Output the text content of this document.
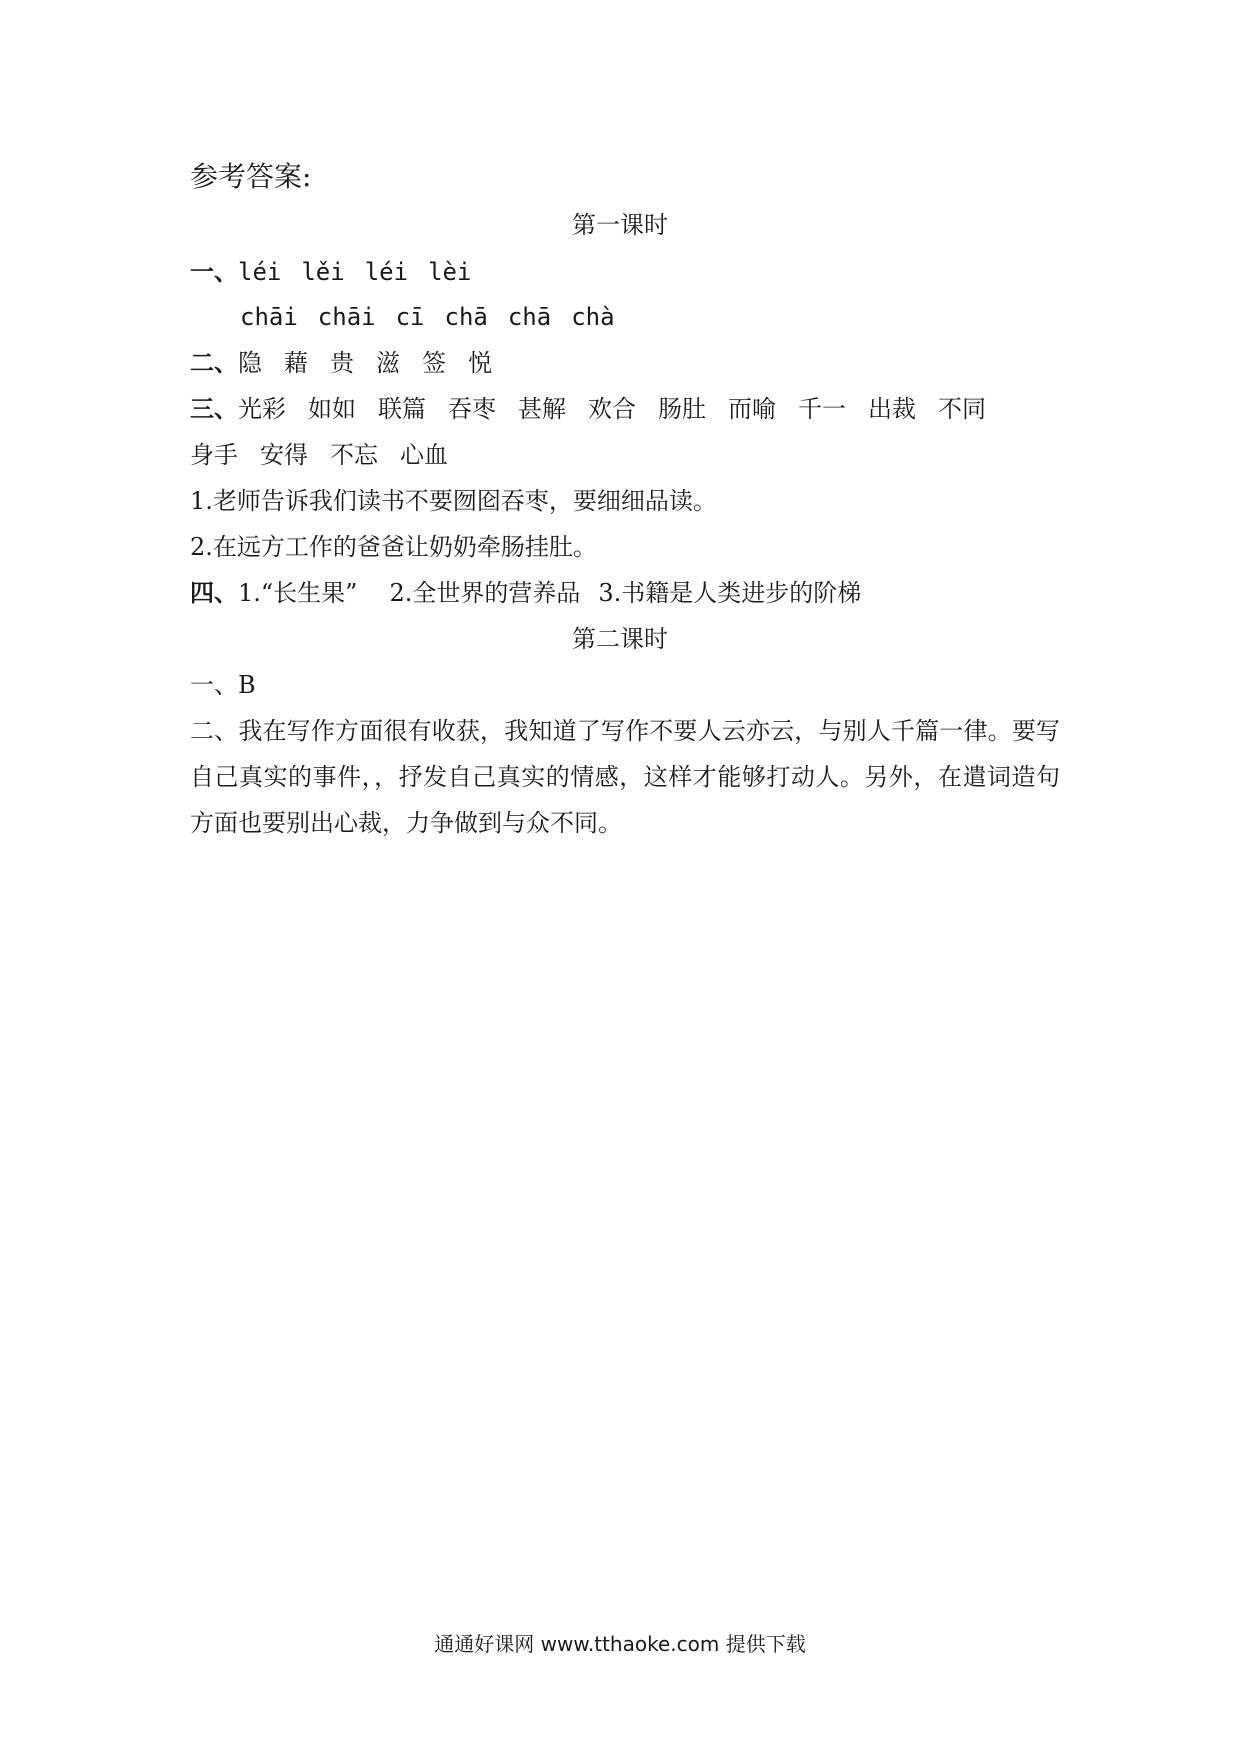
参考答案:
第一课时
一、léi lěi léi lèi
chāi chāi cī chā chā chà
二、隐 藉 贵 滋 签 悦
三、光彩 如如 联篇 吞枣 甚解 欢合 肠肚 而喻 千一 出裁 不同
身手 安得 不忘 心血
1.老师告诉我们读书不要囫囵吞枣，要细细品读。
2.在远方工作的爸爸让奶奶牵肠挂肚。
四、1.“长生果” 2.全世界的营养品 3.书籍是人类进步的阶梯
第二课时
一、B
二、我在写作方面很有收获，我知道了写作不要人云亦云，与别人千篇一律。要写自己真实的事件，，抒发自己真实的情感，这样才能够打动人。另外，在遣词造句方面也要别出心裁，力争做到与众不同。
通通好课网 www.tthaoke.com 提供下载
